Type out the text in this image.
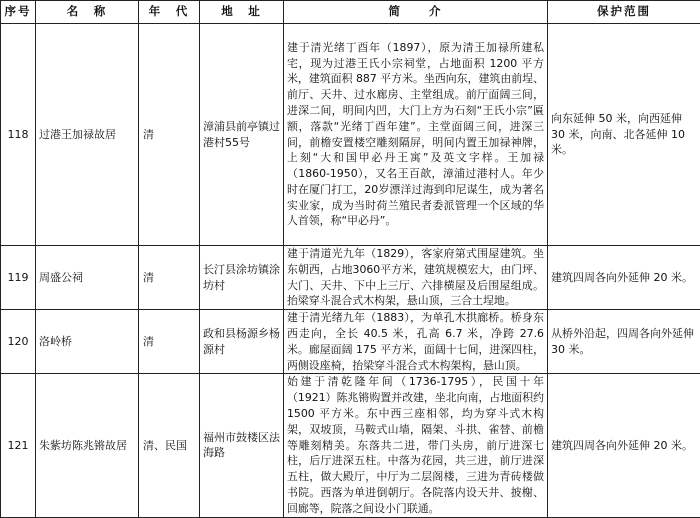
序号	名　称	年　代	地　址	简　　介	保护范围
118	过港王加禄故居	清	漳浦县前亭镇过港村55号	建于清光绪丁酉年（1897），原为清王加禄所建私宅，现为过港王氏小宗祠堂，占地面积 1200 平方米，建筑面积 887 平方米。坐西向东，建筑由前埕、前厅、天井、过水廊房、主堂组成。前厅面阔三间，进深二间，明间内凹，大门上方为石刻“王氏小宗”匾额，落款“光绪丁酉年建”。主堂面阔三间，进深三间，前檐安置楼空雕刻隔屏，明间内置王加禄神牌，上刻“大和国甲必丹王寓”及英文字样。王加禄（1860-1950），又名王百歆，漳浦过港村人。年少时在厦门打工，20岁漂洋过海到印尼谋生，成为著名实业家，成为当时荷兰殖民者委派管理一个区域的华人首领，称“甲必丹”。	向东延伸 50 米，向西延伸 30 米，向南、北各延伸 10 米。
119	周盛公祠	清	长汀县涂坊镇涂坊村	建于清道光九年（1829），客家府第式围屋建筑。坐东朝西，占地3060平方米，建筑规模宏大，由门坪、大门、天井、下中上三厅、六排横屋及后围屋组成。抬梁穿斗混合式木构架，悬山顶，三合土埕地。	建筑四周各向外延伸 20 米。
120	洛岭桥	清	政和县杨源乡杨源村	建于清光绪九年（1883），为单孔木拱廊桥。桥身东西走向，全长 40.5 米，孔高 6.7 米，净跨 27.6 米。廊屋面阔 175 平方米，面阔十七间，进深四柱，两侧设座椅，抬梁穿斗混合式木构架构，悬山顶。	从桥外沿起，四周各向外延伸 30 米。
121	朱紫坊陈兆锵故居	清、民国	福州市鼓楼区法海路	始建于清乾隆年间（1736-1795），民国十年（1921）陈兆锵购置并改建，坐北向南，占地面积约 1500 平方米。东中西三座相邻，均为穿斗式木构架，双坡顶，马鞍式山墙，隔架、斗拱、雀替、前檐等雕刻精美。东落共二进，带门头房，前厅进深七柱，后厅进深五柱。中落为花园，共三进，前厅进深五柱，做大殿厅，中厅为二层阁楼，三进为青砖楼做书院。西落为单进倒朝厅。各院落内设天井、披榭、回廊等，院落之间设小门联通。	建筑四周各向外延伸 20 米。
